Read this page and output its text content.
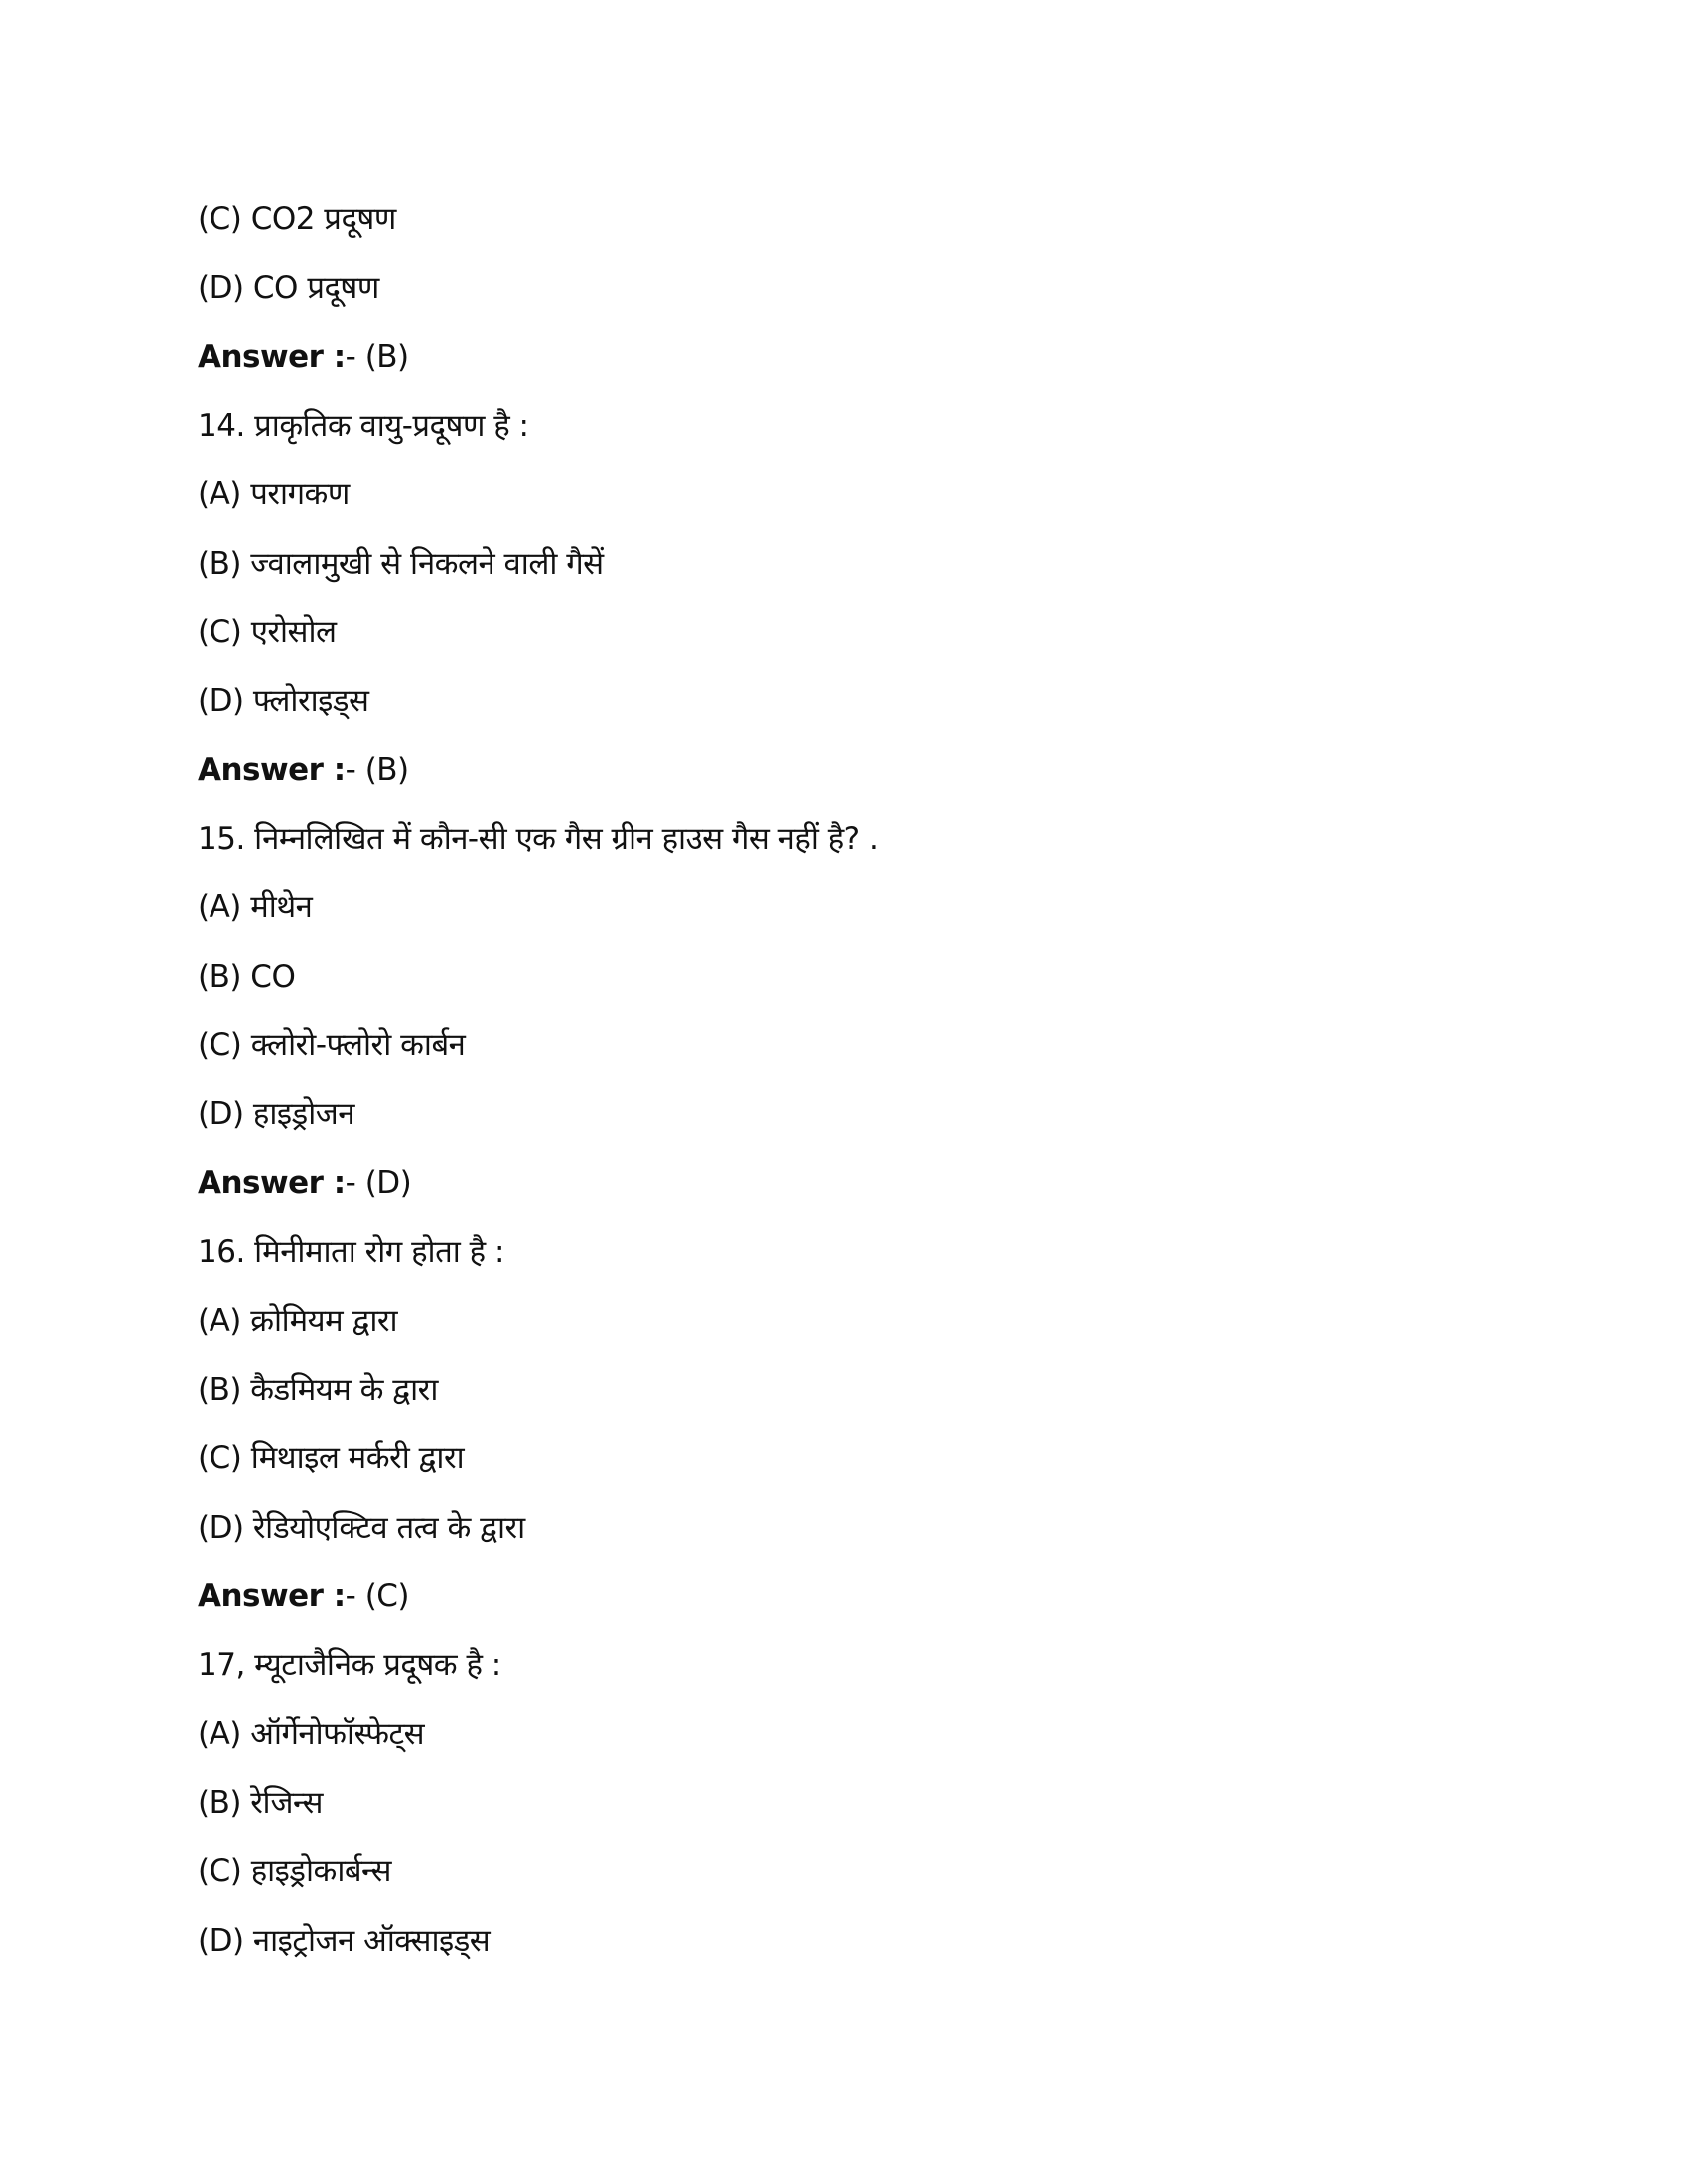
(C) CO2 प्रदूषण
(D) CO प्रदूषण
Answer :- (B)
14. प्राकृतिक वायु-प्रदूषण है :
(A) परागकण
(B) ज्वालामुखी से निकलने वाली गैसें
(C) एरोसोल
(D) फ्लोराइड्स
Answer :- (B)
15. निम्नलिखित में कौन-सी एक गैस ग्रीन हाउस गैस नहीं है? .
(A) मीथेन
(B) CO
(C) क्लोरो-फ्लोरो कार्बन
(D) हाइड्रोजन
Answer :- (D)
16. मिनीमाता रोग होता है :
(A) क्रोमियम द्वारा
(B) कैडमियम के द्वारा
(C) मिथाइल मर्करी द्वारा
(D) रेडियोएक्टिव तत्व के द्वारा
Answer :- (C)
17, म्यूटाजैनिक प्रदूषक है :
(A) ऑर्गेनोफॉस्फेट्स
(B) रेजिन्स
(C) हाइड्रोकार्बन्स
(D) नाइट्रोजन ऑक्साइड्स
